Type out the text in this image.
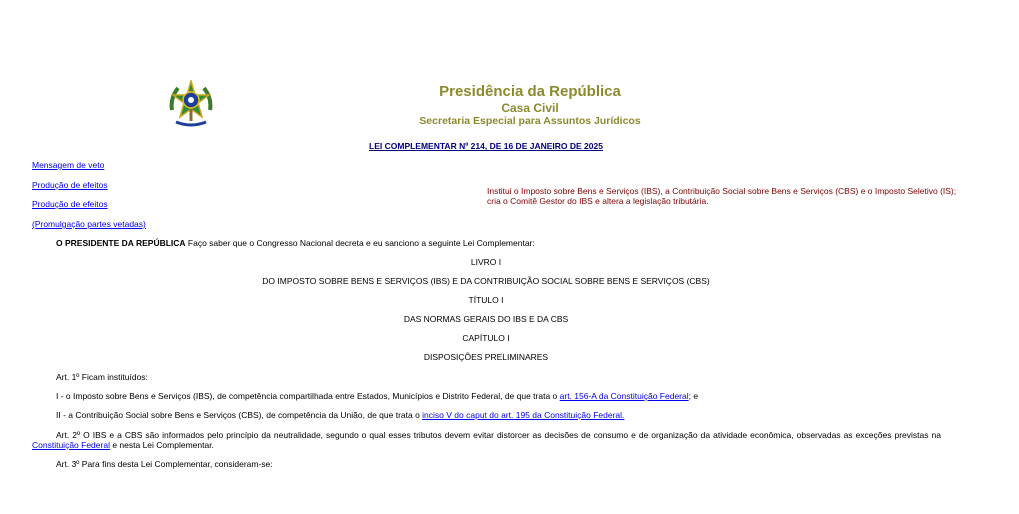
Presidência da República
Casa Civil
Secretaria Especial para Assuntos Jurídicos
LEI COMPLEMENTAR Nº 214, DE 16 DE JANEIRO DE 2025
Mensagem de veto
Produção de efeitos
Produção de efeitos
(Promulgação partes vetadas)
Institui o Imposto sobre Bens e Serviços (IBS), a Contribuição Social sobre Bens e Serviços (CBS) e o Imposto Seletivo (IS); cria o Comitê Gestor do IBS e altera a legislação tributária.
O PRESIDENTE DA REPÚBLICA Faço saber que o Congresso Nacional decreta e eu sanciono a seguinte Lei Complementar:
LIVRO I
DO IMPOSTO SOBRE BENS E SERVIÇOS (IBS) E DA CONTRIBUIÇÃO SOCIAL SOBRE BENS E SERVIÇOS (CBS)
TÍTULO I
DAS NORMAS GERAIS DO IBS E DA CBS
CAPÍTULO I
DISPOSIÇÕES PRELIMINARES
Art. 1º Ficam instituídos:
I - o Imposto sobre Bens e Serviços (IBS), de competência compartilhada entre Estados, Municípios e Distrito Federal, de que trata o art. 156-A da Constituição Federal; e
II - a Contribuição Social sobre Bens e Serviços (CBS), de competência da União, de que trata o inciso V do caput do art. 195 da Constituição Federal.
Art. 2º O IBS e a CBS são informados pelo princípio da neutralidade, segundo o qual esses tributos devem evitar distorcer as decisões de consumo e de organização da atividade econômica, observadas as exceções previstas na Constituição Federal e nesta Lei Complementar.
Art. 3º Para fins desta Lei Complementar, consideram-se:
